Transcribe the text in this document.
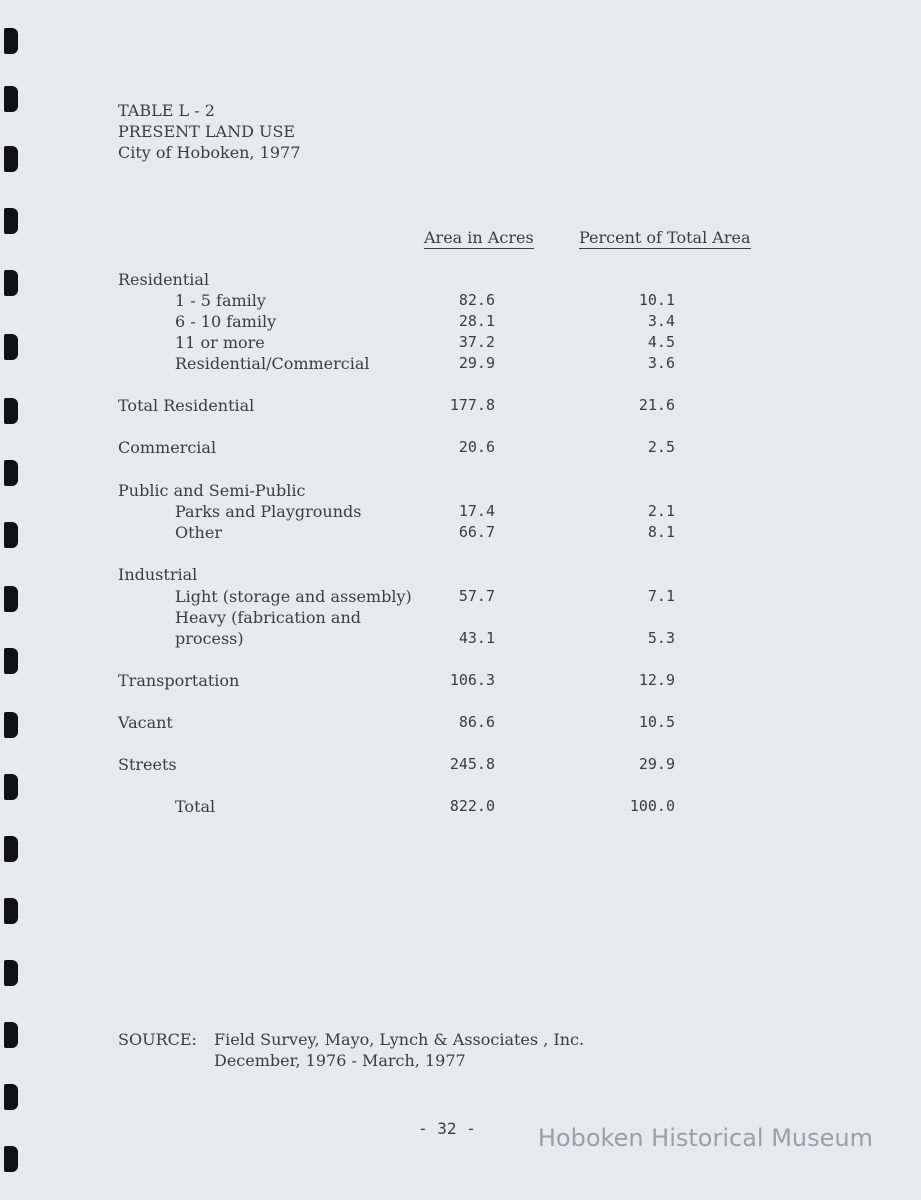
TABLE L - 2
PRESENT LAND USE
City of Hoboken, 1977
Area in Acres	Percent of Total Area
Residential
1 - 5 family	82.6	10.1
6 - 10 family	28.1	3.4
11 or more	37.2	4.5
Residential/Commercial	29.9	3.6
Total Residential	177.8	21.6
Commercial	20.6	2.5
Public and Semi-Public
Parks and Playgrounds	17.4	2.1
Other	66.7	8.1
Industrial
Light (storage and assembly)	57.7	7.1
Heavy (fabrication and
process)	43.1	5.3
Transportation	106.3	12.9
Vacant	86.6	10.5
Streets	245.8	29.9
Total	822.0	100.0
SOURCE: Field Survey, Mayo, Lynch & Associates , Inc.
December, 1976 - March, 1977
- 32 -	Hoboken Historical Museum
